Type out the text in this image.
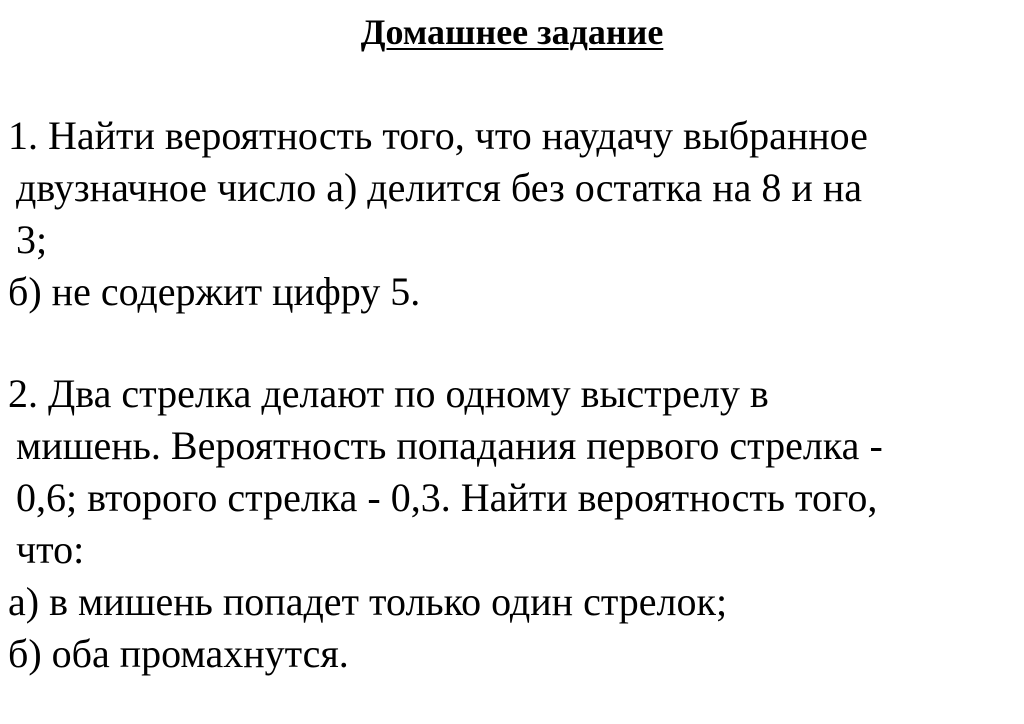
Домашнее задание
1. Найти вероятность того, что наудачу выбранное
двузначное число а) делится без остатка на 8 и на
3;
б) не содержит цифру 5.
2. Два стрелка делают по одному выстрелу в
мишень. Вероятность попадания первого стрелка -
0,6; второго стрелка - 0,3. Найти вероятность того,
что:
а) в мишень попадет только один стрелок;
б) оба промахнутся.
